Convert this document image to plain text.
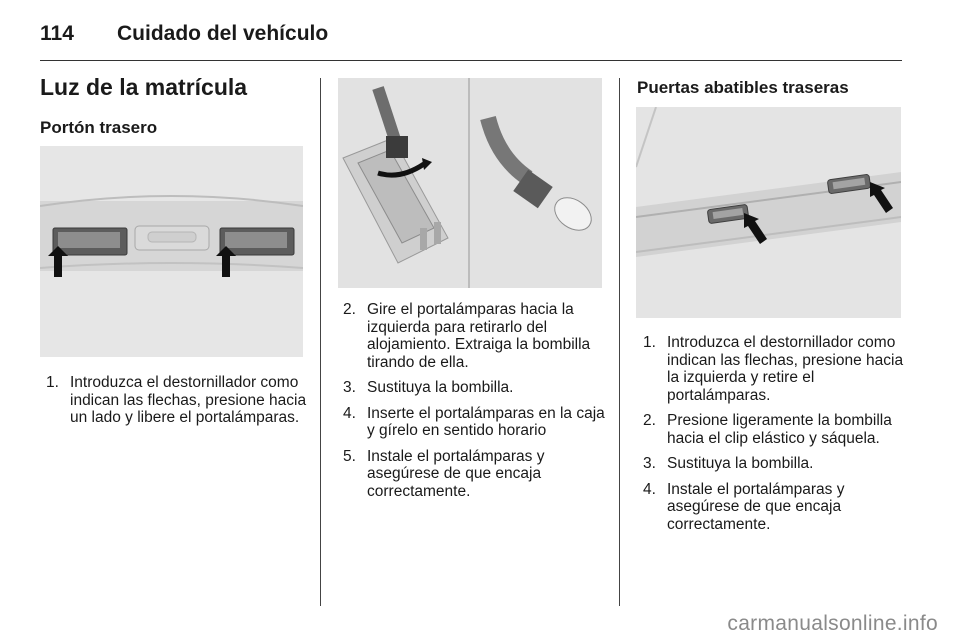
114 Cuidado del vehículo
Luz de la matrícula
Portón trasero
1. Introduzca el destornillador como indican las flechas, presione hacia un lado y libere el portalámparas.
2. Gire el portalámparas hacia la izquierda para retirarlo del alojamiento. Extraiga la bombilla tirando de ella.
3. Sustituya la bombilla.
4. Inserte el portalámparas en la caja y gírelo en sentido horario
5. Instale el portalámparas y asegúrese de que encaja correctamente.
Puertas abatibles traseras
1. Introduzca el destornillador como indican las flechas, presione hacia la izquierda y retire el portalámparas.
2. Presione ligeramente la bombilla hacia el clip elástico y sáquela.
3. Sustituya la bombilla.
4. Instale el portalámparas y asegúrese de que encaja correctamente.
carmanualsonline.info
